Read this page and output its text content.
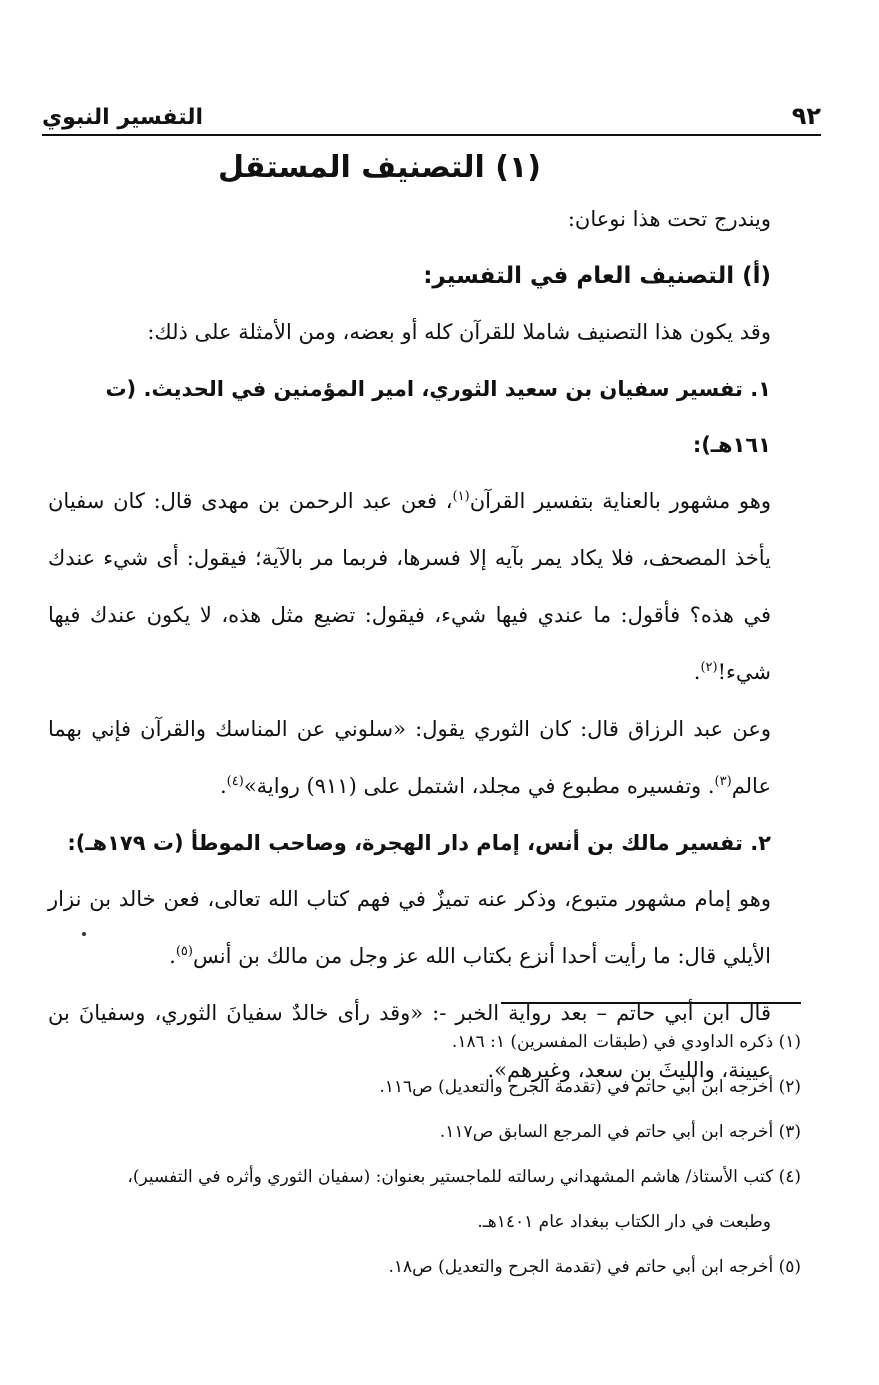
٩٢
التفسير النبوي
(١) التصنيف المستقل

ويندرج تحت هذا نوعان:

(أ) التصنيف العام في التفسير:

وقد يكون هذا التصنيف شاملا للقرآن كله أو بعضه، ومن الأمثلة على ذلك:

١. تفسير سفيان بن سعيد الثوري، امير المؤمنين في الحديث. (ت ١٦١هـ):

وهو مشهور بالعناية بتفسير القرآن$^{(١)}$، فعن عبد الرحمن بن مهدى قال: كان سفيان يأخذ المصحف، فلا يكاد يمر بآيه إلا فسرها، فربما مر بالآية؛ فيقول: أى شيء عندك في هذه؟ فأقول: ما عندي فيها شيء، فيقول: تضيع مثل هذه، لا يكون عندك فيها شيء!$^{(٢)}$.

وعن عبد الرزاق قال: كان الثوري يقول: «سلوني عن المناسك والقرآن فإني بهما عالم$^{(٣)}$. وتفسيره مطبوع في مجلد، اشتمل على (٩١١) رواية»$^{(٤)}$.

٢. تفسير مالك بن أنس، إمام دار الهجرة، وصاحب الموطأ (ت ١٧٩هـ):

وهو إمام مشهور متبوع، وذكر عنه تميزٌ في فهم كتاب الله تعالى، فعن خالد بن نزار الأيلي قال: ما رأيت أحدا أنزع بكتاب الله عز وجل من مالك بن أنس$^{(٥)}$.

قال ابن أبي حاتم – بعد رواية الخبر -: «وقد رأى خالدٌ سفيانَ الثوري، وسفيانَ بن عيينة، والليثَ بن سعد، وغيرهم».

(١) ذكره الداودي في (طبقات المفسرين) ١: ١٨٦.

(٢) أخرجه ابن أبي حاتم في (تقدمة الجرح والتعديل) ص١١٦.

(٣) أخرجه ابن أبي حاتم في المرجع السابق ص١١٧.

(٤) كتب الأستاذ/ هاشم المشهداني رسالته للماجستير بعنوان: (سفيان الثوري وأثره في التفسير)،

وطبعت في دار الكتاب ببغداد عام ١٤٠١هـ.

(٥) أخرجه ابن أبي حاتم في (تقدمة الجرح والتعديل) ص١٨.
